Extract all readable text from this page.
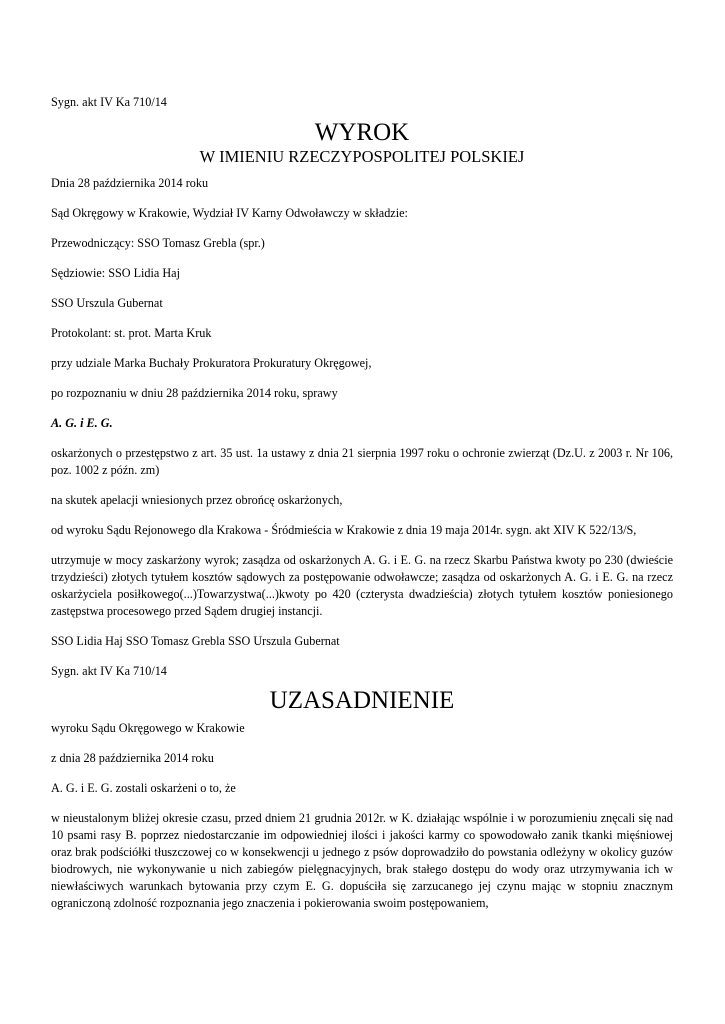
Sygn. akt IV Ka 710/14

WYROK
W IMIENIU RZECZYPOSPOLITEJ POLSKIEJ

Dnia 28 października 2014 roku

Sąd Okręgowy w Krakowie, Wydział IV Karny Odwoławczy w składzie:

Przewodniczący: SSO Tomasz Grebla (spr.)

Sędziowie: SSO Lidia Haj

SSO Urszula Gubernat

Protokolant: st. prot. Marta Kruk

przy udziale Marka Buchały Prokuratora Prokuratury Okręgowej,

po rozpoznaniu w dniu 28 października 2014 roku, sprawy

A. G. i E. G.

oskarżonych o przestępstwo z art. 35 ust. 1a ustawy z dnia 21 sierpnia 1997 roku o ochronie zwierząt (Dz.U. z 2003 r. Nr 106, poz. 1002 z późn. zm)

na skutek apelacji wniesionych przez obrońcę oskarżonych,

od wyroku Sądu Rejonowego dla Krakowa - Śródmieścia w Krakowie z dnia 19 maja 2014r. sygn. akt XIV K 522/13/S,

utrzymuje w mocy zaskarżony wyrok; zasądza od oskarżonych A. G. i E. G. na rzecz Skarbu Państwa kwoty po 230 (dwieście trzydzieści) złotych tytułem kosztów sądowych za postępowanie odwoławcze; zasądza od oskarżonych A. G. i E. G. na rzecz oskarżyciela posiłkowego(...)Towarzystwa(...)kwoty po 420 (czterysta dwadzieścia) złotych tytułem kosztów poniesionego zastępstwa procesowego przed Sądem drugiej instancji.

SSO Lidia Haj SSO Tomasz Grebla SSO Urszula Gubernat

Sygn. akt IV Ka 710/14

UZASADNIENIE

wyroku Sądu Okręgowego w Krakowie

z dnia 28 października 2014 roku

A. G. i E. G. zostali oskarżeni o to, że

w nieustalonym bliżej okresie czasu, przed dniem 21 grudnia 2012r. w K. działając wspólnie i w porozumieniu znęcali się nad 10 psami rasy B. poprzez niedostarczanie im odpowiedniej ilości i jakości karmy co spowodowało zanik tkanki mięśniowej oraz brak podściółki tłuszczowej co w konsekwencji u jednego z psów doprowadziło do powstania odleżyny w okolicy guzów biodrowych, nie wykonywanie u nich zabiegów pielęgnacyjnych, brak stałego dostępu do wody oraz utrzymywania ich w niewłaściwych warunkach bytowania przy czym E. G. dopuściła się zarzucanego jej czynu mając w stopniu znacznym ograniczoną zdolność rozpoznania jego znaczenia i pokierowania swoim postępowaniem,
